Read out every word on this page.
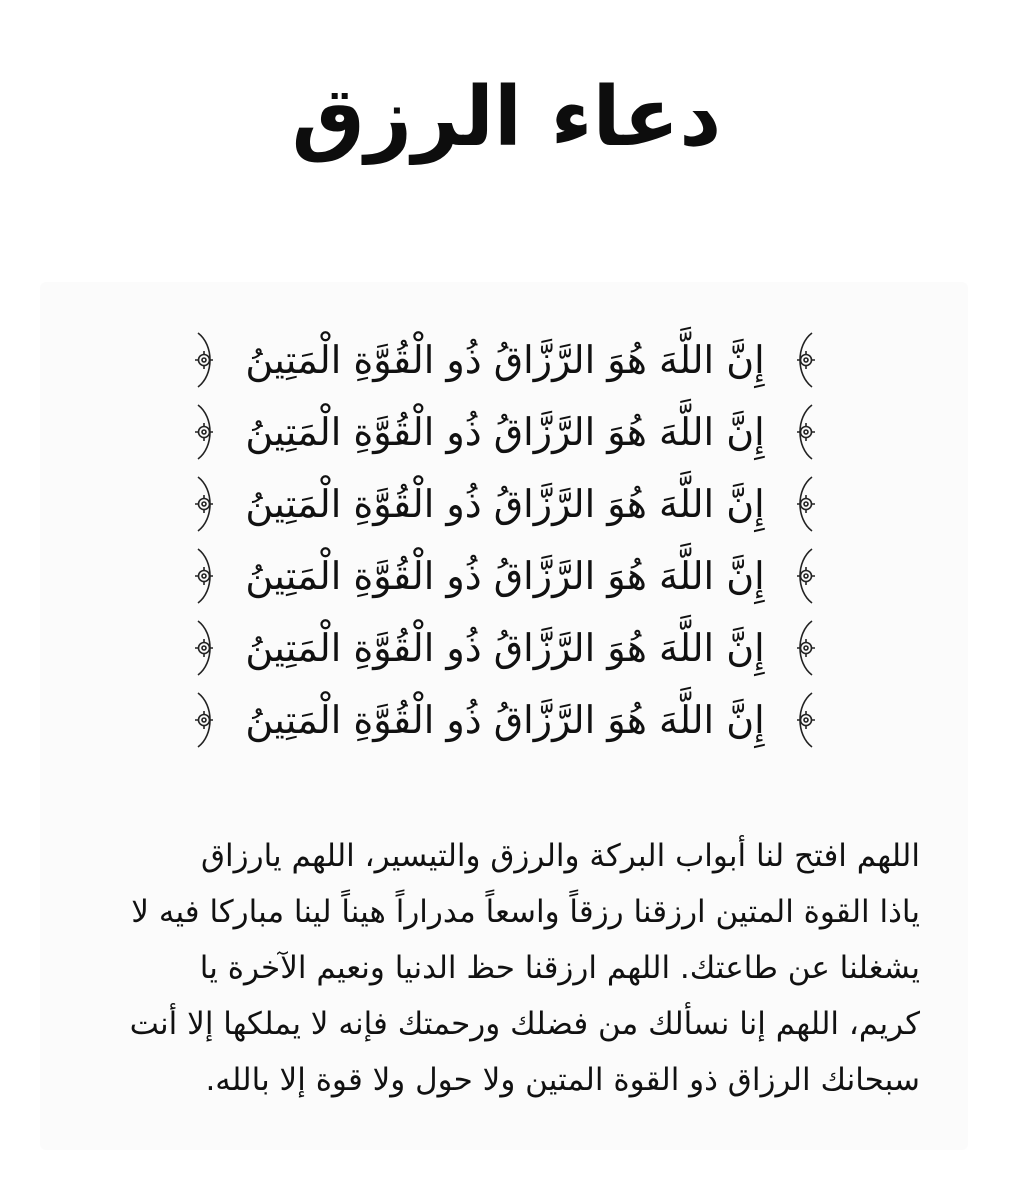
دعاء الرزق
إِنَّ اللَّهَ هُوَ الرَّزَّاقُ ذُو الْقُوَّةِ الْمَتِينُ
إِنَّ اللَّهَ هُوَ الرَّزَّاقُ ذُو الْقُوَّةِ الْمَتِينُ
إِنَّ اللَّهَ هُوَ الرَّزَّاقُ ذُو الْقُوَّةِ الْمَتِينُ
إِنَّ اللَّهَ هُوَ الرَّزَّاقُ ذُو الْقُوَّةِ الْمَتِينُ
إِنَّ اللَّهَ هُوَ الرَّزَّاقُ ذُو الْقُوَّةِ الْمَتِينُ
إِنَّ اللَّهَ هُوَ الرَّزَّاقُ ذُو الْقُوَّةِ الْمَتِينُ
اللهم افتح لنا أبواب البركة والرزق والتيسير، اللهم يارزاق
ياذا القوة المتين ارزقنا رزقاً واسعاً مدراراً هيناً لينا مباركا فيه لا
يشغلنا عن طاعتك. اللهم ارزقنا حظ الدنيا ونعيم الآخرة يا
كريم، اللهم إنا نسألك من فضلك ورحمتك فإنه لا يملكها إلا أنت
سبحانك الرزاق ذو القوة المتين ولا حول ولا قوة إلا بالله.
